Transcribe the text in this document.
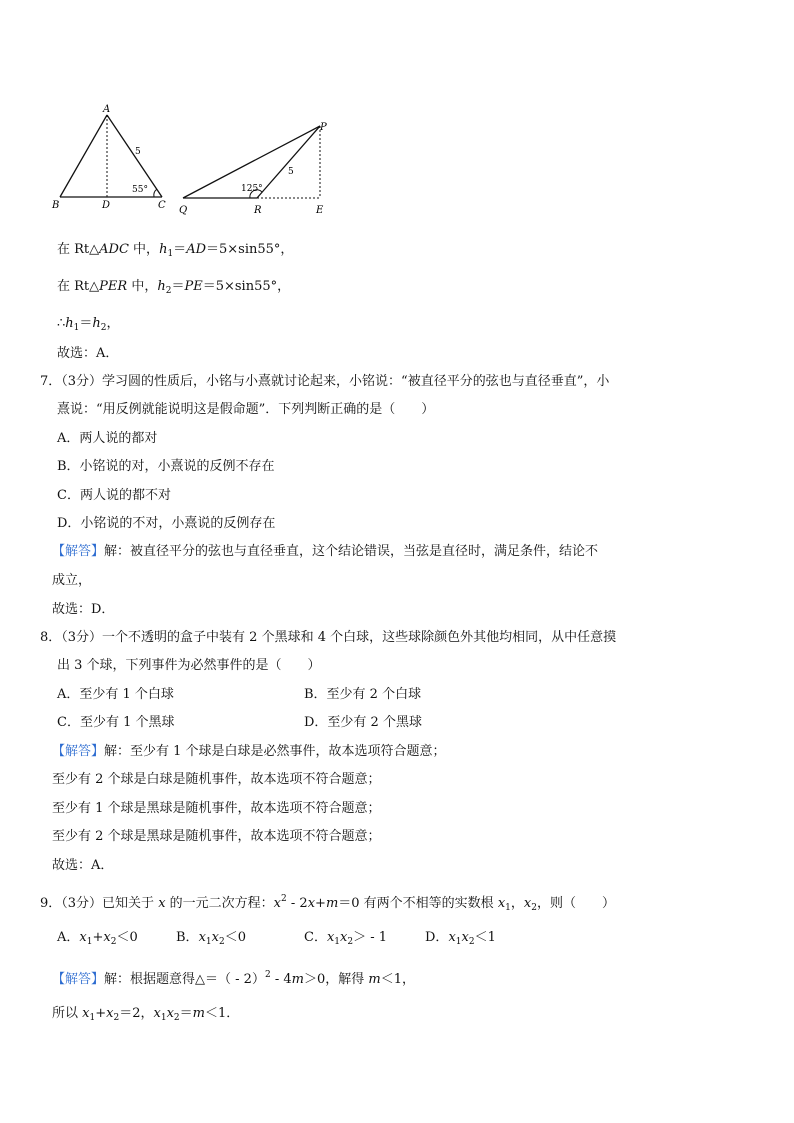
A
B	D	C
5
55°
P
Q	R	E
5
125°
在 Rt△ADC 中，$h_1=AD=5\times\sin 55^\circ$，
在 Rt△PER 中，$h_2=PE=5\times\sin 55^\circ$，
$\therefore h_1=h_2$，
故选：A．
7．（3分）学习圆的性质后，小铭与小熹就讨论起来，小铭说：“被直径平分的弦也与直径垂直”，小
熹说：“用反例就能说明这是假命题”．下列判断正确的是（　　）
A．两人说的都对
B．小铭说的对，小熹说的反例不存在
C．两人说的都不对
D．小铭说的不对，小熹说的反例存在
【解答】解：被直径平分的弦也与直径垂直，这个结论错误，当弦是直径时，满足条件，结论不
成立，
故选：D．
8．（3分）一个不透明的盒子中装有 2 个黑球和 4 个白球，这些球除颜色外其他均相同，从中任意摸
出 3 个球，下列事件为必然事件的是（　　）
A．至少有 1 个白球	B．至少有 2 个白球
C．至少有 1 个黑球	D．至少有 2 个黑球
【解答】解：至少有 1 个球是白球是必然事件，故本选项符合题意；
至少有 2 个球是白球是随机事件，故本选项不符合题意；
至少有 1 个球是黑球是随机事件，故本选项不符合题意；
至少有 2 个球是黑球是随机事件，故本选项不符合题意；
故选：A．
9．（3分）已知关于 x 的一元二次方程：$x^2 - 2x+m=0$ 有两个不相等的实数根 $x_1$，$x_2$，则（　　）
A．$x_1+x_2<0$	B．$x_1x_2<0$	C．$x_1x_2> - 1$	D．$x_1x_2<1$
【解答】解：根据题意得△＝（ - 2）$^2$ - 4m＞0，解得 m＜1，
所以 $x_1+x_2=2$，$x_1x_2=m<1$．
